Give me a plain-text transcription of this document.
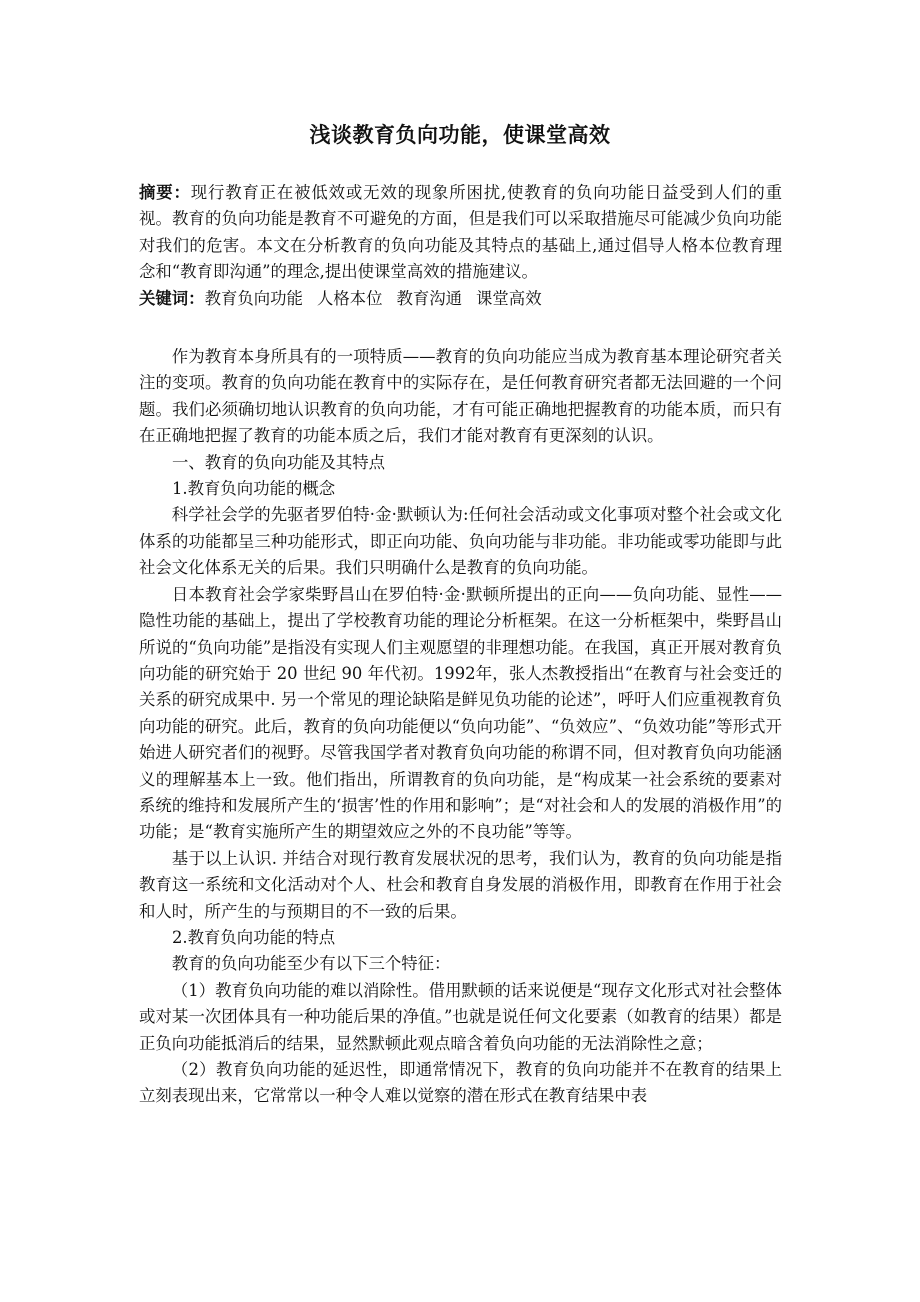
浅谈教育负向功能，使课堂高效

摘要：现行教育正在被低效或无效的现象所困扰,使教育的负向功能日益受到人们的重视。教育的负向功能是教育不可避免的方面，但是我们可以采取措施尽可能减少负向功能对我们的危害。本文在分析教育的负向功能及其特点的基础上,通过倡导人格本位教育理念和“教育即沟通”的理念,提出使课堂高效的措施建议。

关键词：教育负向功能 人格本位 教育沟通 课堂高效

作为教育本身所具有的一项特质——教育的负向功能应当成为教育基本理论研究者关注的变项。教育的负向功能在教育中的实际存在，是任何教育研究者都无法回避的一个问题。我们必须确切地认识教育的负向功能，才有可能正确地把握教育的功能本质，而只有在正确地把握了教育的功能本质之后，我们才能对教育有更深刻的认识。

一、教育的负向功能及其特点

1.教育负向功能的概念

科学社会学的先驱者罗伯特·金·默顿认为:任何社会活动或文化事项对整个社会或文化体系的功能都呈三种功能形式，即正向功能、负向功能与非功能。非功能或零功能即与此社会文化体系无关的后果。我们只明确什么是教育的负向功能。

日本教育社会学家柴野昌山在罗伯特·金·默顿所提出的正向——负向功能、显性——隐性功能的基础上，提出了学校教育功能的理论分析框架。在这一分析框架中，柴野昌山所说的“负向功能”是指没有实现人们主观愿望的非理想功能。在我国，真正开展对教育负向功能的研究始于 20 世纪 90 年代初。1992年，张人杰教授指出“在教育与社会变迁的关系的研究成果中. 另一个常见的理论缺陷是鲜见负功能的论述”，呼吁人们应重视教育负向功能的研究。此后，教育的负向功能便以“负向功能”、“负效应”、“负效功能”等形式开始进人研究者们的视野。尽管我国学者对教育负向功能的称谓不同，但对教育负向功能涵义的理解基本上一致。他们指出，所谓教育的负向功能，是“构成某一社会系统的要素对系统的维持和发展所产生的‘损害’性的作用和影响”；是“对社会和人的发展的消极作用”的功能；是“教育实施所产生的期望效应之外的不良功能”等等。

基于以上认识. 并结合对现行教育发展状况的思考，我们认为，教育的负向功能是指教育这一系统和文化活动对个人、杜会和教育自身发展的消极作用，即教育在作用于社会和人时，所产生的与预期目的不一致的后果。

2.教育负向功能的特点

教育的负向功能至少有以下三个特征：

（1）教育负向功能的难以消除性。借用默顿的话来说便是“现存文化形式对社会整体或对某一次团体具有一种功能后果的净值。”也就是说任何文化要素（如教育的结果）都是正负向功能抵消后的结果，显然默顿此观点暗含着负向功能的无法消除性之意；

（2）教育负向功能的延迟性，即通常情况下，教育的负向功能并不在教育的结果上立刻表现出来，它常常以一种令人难以觉察的潜在形式在教育结果中表
